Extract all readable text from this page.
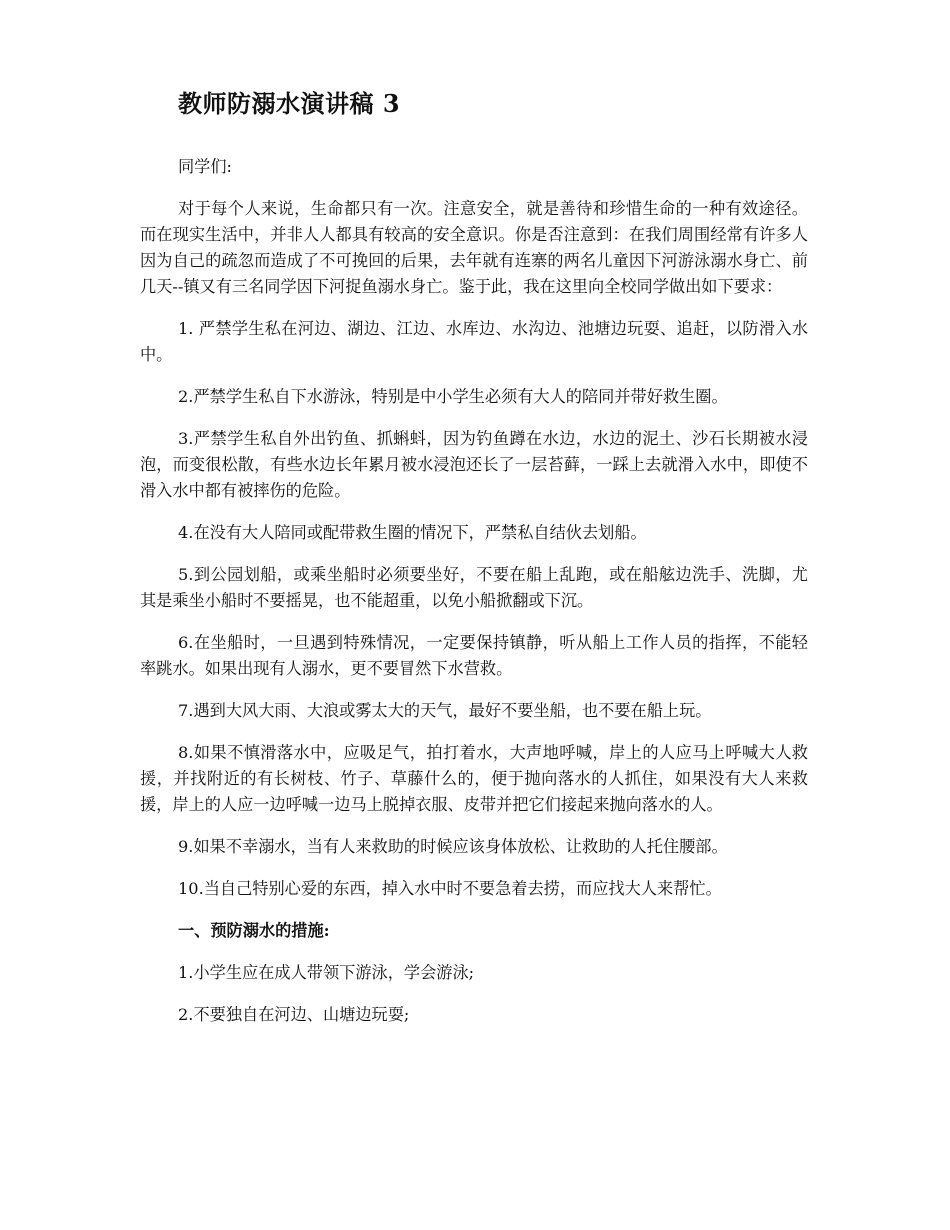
教师防溺水演讲稿 3

同学们:

对于每个人来说，生命都只有一次。注意安全，就是善待和珍惜生命的一种有效途径。而在现实生活中，并非人人都具有较高的安全意识。你是否注意到：在我们周围经常有许多人因为自己的疏忽而造成了不可挽回的后果，去年就有连寨的两名儿童因下河游泳溺水身亡、前几天--镇又有三名同学因下河捉鱼溺水身亡。鉴于此，我在这里向全校同学做出如下要求：

1. 严禁学生私在河边、湖边、江边、水库边、水沟边、池塘边玩耍、追赶，以防滑入水中。

2.严禁学生私自下水游泳，特别是中小学生必须有大人的陪同并带好救生圈。

3.严禁学生私自外出钓鱼、抓蝌蚪，因为钓鱼蹲在水边，水边的泥土、沙石长期被水浸泡，而变很松散，有些水边长年累月被水浸泡还长了一层苔藓，一踩上去就滑入水中，即使不滑入水中都有被摔伤的危险。

4.在没有大人陪同或配带救生圈的情况下，严禁私自结伙去划船。

5.到公园划船，或乘坐船时必须要坐好，不要在船上乱跑，或在船舷边洗手、洗脚，尤其是乘坐小船时不要摇晃，也不能超重，以免小船掀翻或下沉。

6.在坐船时，一旦遇到特殊情况，一定要保持镇静，听从船上工作人员的指挥，不能轻率跳水。如果出现有人溺水，更不要冒然下水营救。

7.遇到大风大雨、大浪或雾太大的天气，最好不要坐船，也不要在船上玩。

8.如果不慎滑落水中，应吸足气，拍打着水，大声地呼喊，岸上的人应马上呼喊大人救援，并找附近的有长树枝、竹子、草藤什么的，便于抛向落水的人抓住，如果没有大人来救援，岸上的人应一边呼喊一边马上脱掉衣服、皮带并把它们接起来抛向落水的人。

9.如果不幸溺水，当有人来救助的时候应该身体放松、让救助的人托住腰部。

10.当自己特别心爱的东西，掉入水中时不要急着去捞，而应找大人来帮忙。

一、预防溺水的措施:

1.小学生应在成人带领下游泳，学会游泳;

2.不要独自在河边、山塘边玩耍;
